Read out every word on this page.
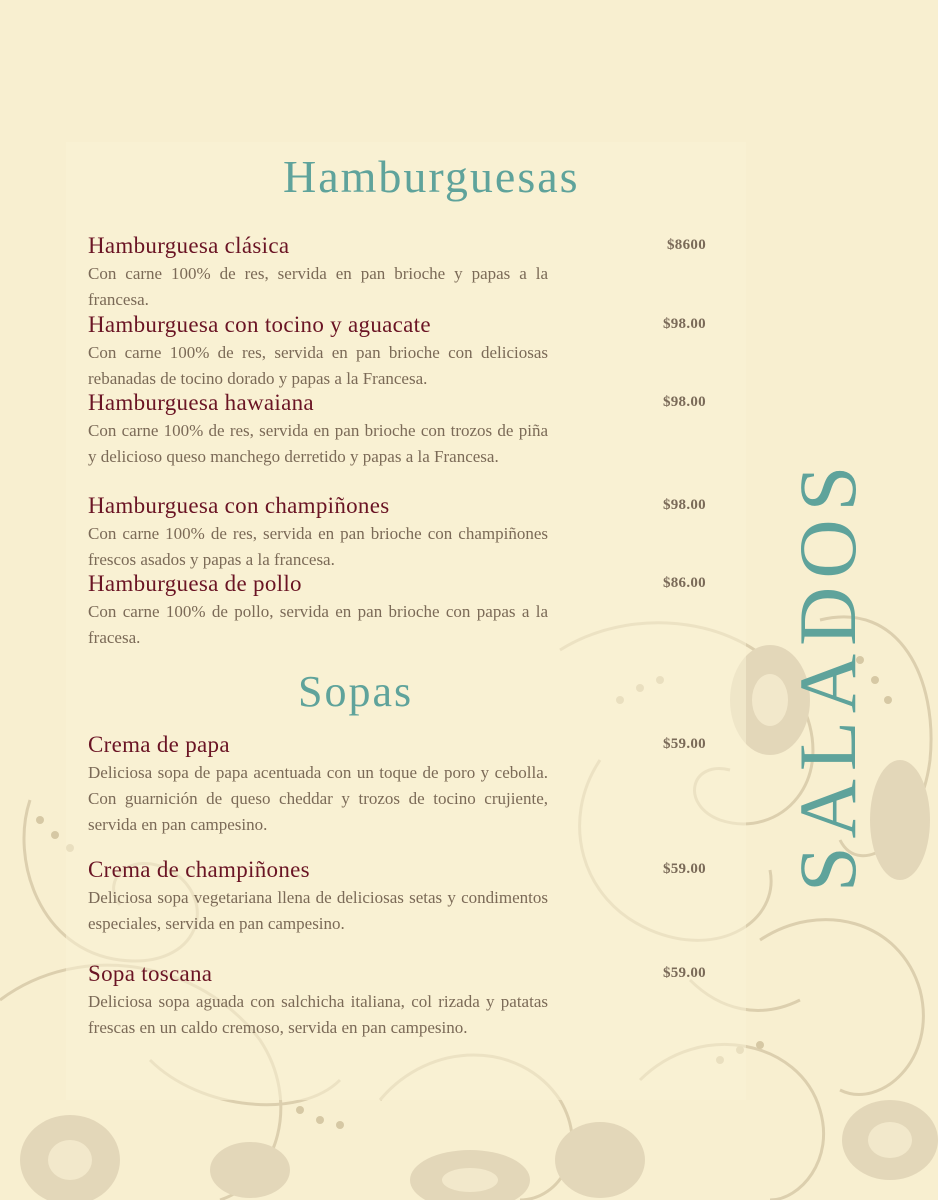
Hamburguesas
Hamburguesa clásica	$8600
Con carne 100% de res, servida en pan brioche y papas a la francesa.
Hamburguesa con tocino y aguacate	$98.00
Con carne 100% de res, servida en pan brioche con deliciosas rebanadas de tocino dorado y papas a la Francesa.
Hamburguesa hawaiana	$98.00
Con carne 100% de res, servida en pan brioche con trozos de piña y delicioso queso manchego derretido y papas a la Francesa.
Hamburguesa con champiñones	$98.00
Con carne 100% de res, servida en pan brioche con champiñones frescos asados y papas a la francesa.
Hamburguesa de pollo	$86.00
Con carne 100% de pollo, servida en pan brioche con papas a la fracesa.
Sopas
Crema de papa	$59.00
Deliciosa sopa de papa acentuada con un toque de poro y cebolla. Con guarnición de queso cheddar y trozos de tocino crujiente, servida en pan campesino.
Crema de champiñones	$59.00
Deliciosa sopa vegetariana llena de deliciosas setas y condimentos especiales, servida en pan campesino.
Sopa toscana	$59.00
Deliciosa sopa aguada con salchicha italiana, col rizada y patatas frescas en un caldo cremoso, servida en pan campesino.
SALADOS
